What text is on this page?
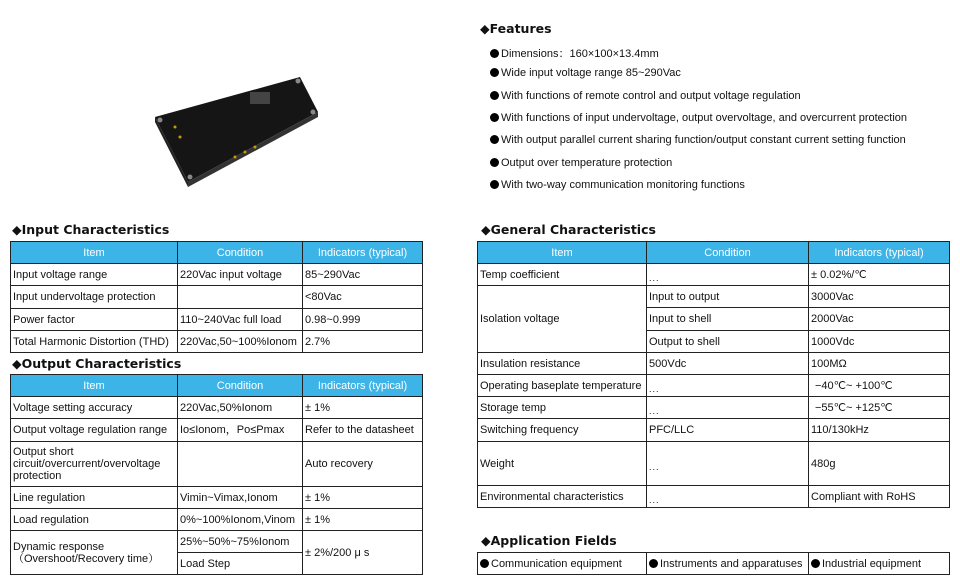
◆Features
Dimensions：160×100×13.4mm
Wide input voltage range 85~290Vac
With functions of remote control and output voltage regulation
With functions of input undervoltage, output overvoltage, and overcurrent protection
With output parallel current sharing function/output constant current setting function
Output over temperature protection
With two-way communication monitoring functions
◆Input Characteristics
Item	Condition	Indicators (typical)
Input voltage range	220Vac input voltage	85~290Vac
Input undervoltage protection		<80Vac
Power factor	110~240Vac full load	0.98~0.999
Total Harmonic Distortion (THD)	220Vac,50~100%Ionom	2.7%
◆Output Characteristics
Item	Condition	Indicators (typical)
Voltage setting accuracy	220Vac,50%Ionom	± 1%
Output voltage regulation range	Io≤Ionom，Po≤Pmax	Refer to the datasheet
Output short circuit/overcurrent/overvoltage protection		Auto recovery
Line regulation	Vimin~Vimax,Ionom	± 1%
Load regulation	0%~100%Ionom,Vinom	± 1%

Dynamic response
（Overshoot/Recovery time）	25%~50%~75%Ionom	± 2%/200 μ s
	Load Step	
◆General Characteristics
Item	Condition	Indicators (typical)
Temp coefficient	$_{...}$	± 0.02%/℃
Isolation voltage	Input to output	3000Vac
	Input to shell	2000Vac
	Output to shell	1000Vdc
Insulation resistance	500Vdc	100MΩ
Operating baseplate temperature	$_{...}$	−40℃~ +100℃
Storage temp	$_{...}$	−55℃~ +125℃
Switching frequency	PFC/LLC	110/130kHz
Weight	$_{...}$	480g
Environmental characteristics	$_{...}$	Compliant with RoHS
◆Application Fields
Communication equipment	Instruments and apparatuses	Industrial equipment
